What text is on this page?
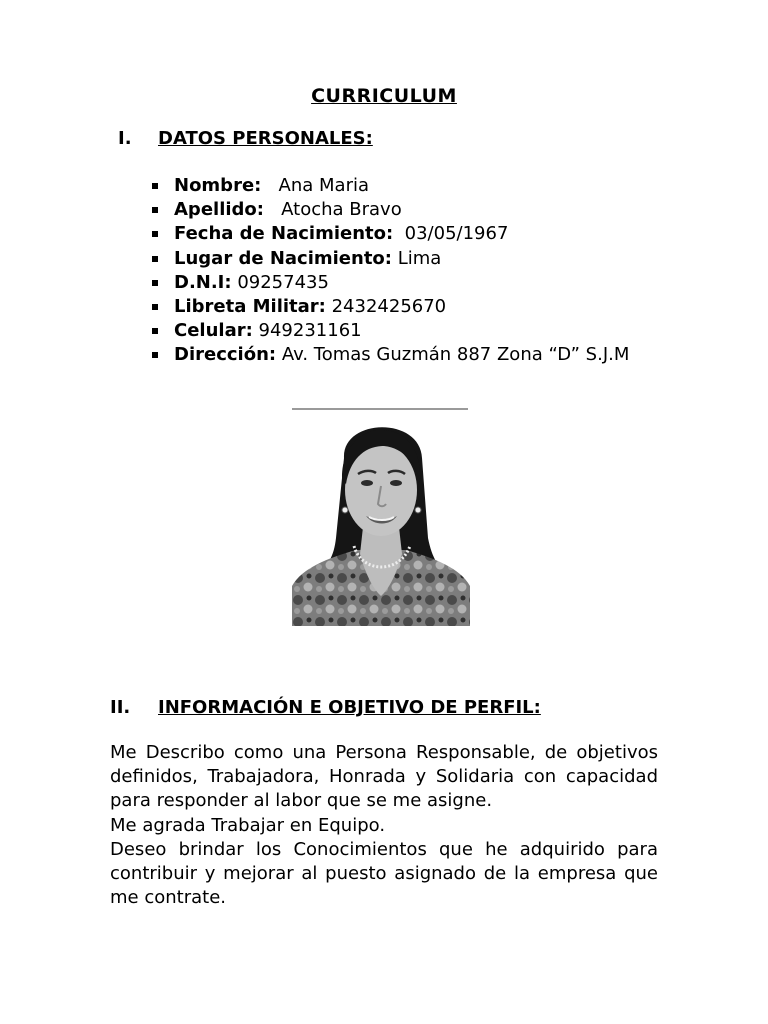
CURRICULUM
I. DATOS PERSONALES:
Nombre: Ana Maria
Apellido: Atocha Bravo
Fecha de Nacimiento: 03/05/1967
Lugar de Nacimiento: Lima
D.N.I: 09257435
Libreta Militar: 2432425670
Celular: 949231161
Dirección: Av. Tomas Guzmán 887 Zona “D” S.J.M
II. INFORMACIÓN E OBJETIVO DE PERFIL:

Me Describo como una Persona Responsable, de objetivos definidos, Trabajadora, Honrada y Solidaria con capacidad para responder al labor que se me asigne.

Me agrada Trabajar en Equipo.

Deseo brindar los Conocimientos que he adquirido para contribuir y mejorar al puesto asignado de la empresa que me contrate.
